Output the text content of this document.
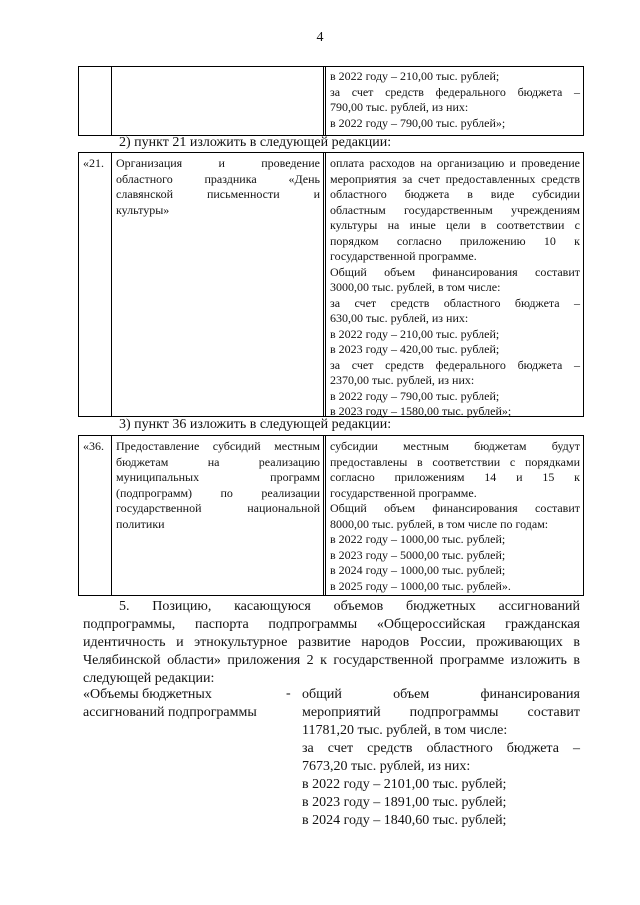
4
в 2022 году – 210,00 тыс. рублей;
за счет средств федерального бюджета –
790,00 тыс. рублей, из них:
в 2022 году – 790,00 тыс. рублей»;
2) пункт 21 изложить в следующей редакции:
«21.	Организация и проведение
областного праздника «День
славянской письменности и
культуры»
оплата расходов на организацию и проведение
мероприятия за счет предоставленных средств
областного бюджета в виде субсидии
областным государственным учреждениям
культуры на иные цели в соответствии с
порядком согласно приложению 10 к
государственной программе.
Общий объем финансирования составит
3000,00 тыс. рублей, в том числе:
за счет средств областного бюджета –
630,00 тыс. рублей, из них:
в 2022 году – 210,00 тыс. рублей;
в 2023 году – 420,00 тыс. рублей;
за счет средств федерального бюджета –
2370,00 тыс. рублей, из них:
в 2022 году – 790,00 тыс. рублей;
в 2023 году – 1580,00 тыс. рублей»;
3) пункт 36 изложить в следующей редакции:
«36.	Предоставление субсидий местным
бюджетам на реализацию
муниципальных программ
(подпрограмм) по реализации
государственной национальной
политики
субсидии местным бюджетам будут
предоставлены в соответствии с порядками
согласно приложениям 14 и 15 к
государственной программе.
Общий объем финансирования составит
8000,00 тыс. рублей, в том числе по годам:
в 2022 году – 1000,00 тыс. рублей;
в 2023 году – 5000,00 тыс. рублей;
в 2024 году – 1000,00 тыс. рублей;
в 2025 году – 1000,00 тыс. рублей».
5. Позицию, касающуюся объемов бюджетных ассигнований
подпрограммы, паспорта подпрограммы «Общероссийская гражданская
идентичность и этнокультурное развитие народов России, проживающих в
Челябинской области» приложения 2 к государственной программе изложить в
следующей редакции:
«Объемы бюджетных
ассигнований подпрограммы
- общий объем финансирования
мероприятий подпрограммы составит
11781,20 тыс. рублей, в том числе:
за счет средств областного бюджета –
7673,20 тыс. рублей, из них:
в 2022 году – 2101,00 тыс. рублей;
в 2023 году – 1891,00 тыс. рублей;
в 2024 году – 1840,60 тыс. рублей;
